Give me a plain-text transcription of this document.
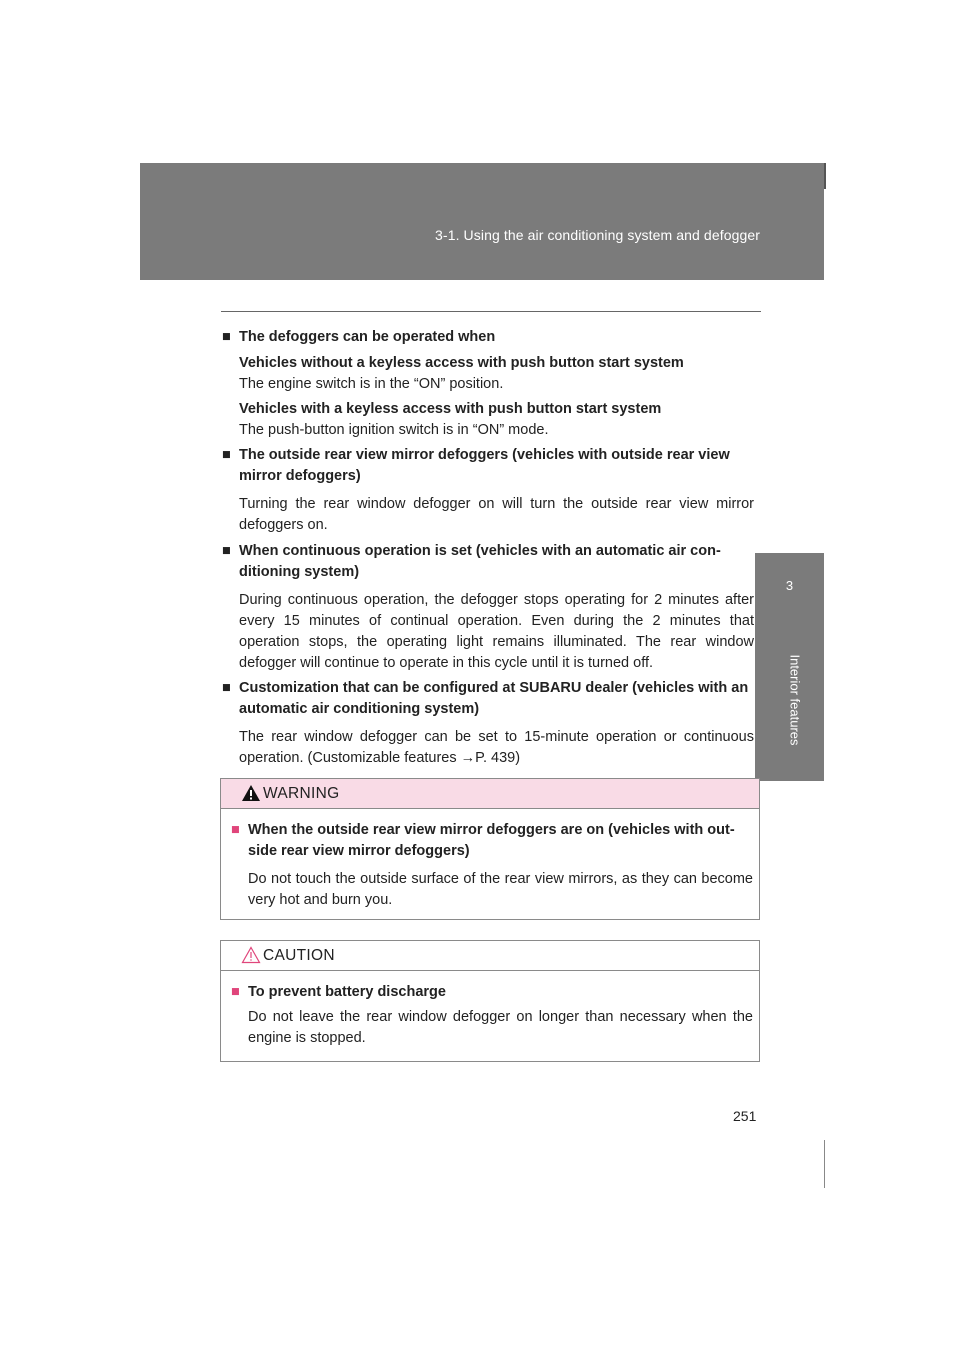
3-1. Using the air conditioning system and defogger
3
Interior features
■ The defoggers can be operated when
Vehicles without a keyless access with push button start system
The engine switch is in the “ON” position.
Vehicles with a keyless access with push button start system
The push-button ignition switch is in “ON” mode.
■ The outside rear view mirror defoggers (vehicles with outside rear view mirror defoggers)
Turning the rear window defogger on will turn the outside rear view mirror defoggers on.
■ When continuous operation is set (vehicles with an automatic air con-ditioning system)
During continuous operation, the defogger stops operating for 2 minutes after every 15 minutes of continual operation. Even during the 2 minutes that operation stops, the operating light remains illuminated. The rear window defogger will continue to operate in this cycle until it is turned off.
■ Customization that can be configured at SUBARU dealer (vehicles with an automatic air conditioning system)
The rear window defogger can be set to 15-minute operation or continuous operation. (Customizable features →P. 439)
WARNING
■ When the outside rear view mirror defoggers are on (vehicles with out-side rear view mirror defoggers)
Do not touch the outside surface of the rear view mirrors, as they can become very hot and burn you.
CAUTION
■ To prevent battery discharge
Do not leave the rear window defogger on longer than necessary when the engine is stopped.
251
